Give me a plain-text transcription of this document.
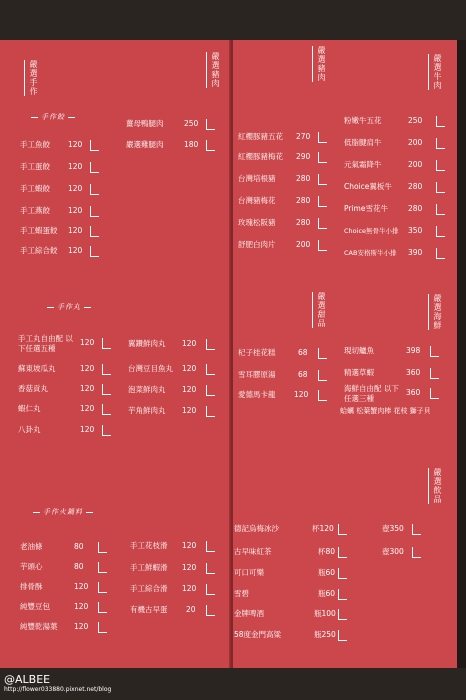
嚴選手作	嚴選豬肉
手作餃
手工魚餃 120
手工蛋餃 120
手工蝦餃 120
手工燕餃 120
手工蝦蛋餃 120
手工綜合餃 120
薑母鴨腿肉	250
嚴選雞腿肉	180
手作丸
手工丸自由配 以下任選五種
120
蘇東坡瓜丸	120
香菇貢丸	120
蝦仁丸	120
八卦丸	120
翼鑽鮮肉丸 120
台灣豆目魚丸 120
泡菜鮮肉丸 120
芋角鮮肉丸 120
手作火鍋料
老油條	80
芋頭心	80
排骨酥	120
純豐豆包	120
純豐乾湯葉 120
手工花枝滑 120
手工鮮蝦滑 120
手工綜合滑 120
有機古早蛋 20
嚴選豬肉	嚴選牛肉
紅櫻豚豬五花 270
紅櫻豚豬梅花 290
台灣培根豬	280
台灣豬梅花	280
玫瑰松阪豬	280
舒肥白肉片	200
粉嫩牛五花	250
低脂腱肩牛	200
元氣霜降牛	200
Choice翼板牛 280
Prime雪花牛	280
Choice無骨牛小排 350
CAB安格斯牛小排 390
嚴選甜品	嚴選海鮮
杞子桂花糕	68
雪耳膠原湯	68
愛德馬卡龍 120
現切鱸魚	398
精選草蝦	360
海鮮自由配 以下任選三種
360
蛤蠣 松葉蟹肉棒 花枝 獅子貝
嚴選飲品
德記烏梅冰沙	杯120	壺350
古早味紅茶	杯80	壺300
可口可樂	瓶60
雪碧	瓶60
金牌啤酒	瓶100
58度金門高粱	瓶250
@ALBEE
http://flower033880.pixnet.net/blog
